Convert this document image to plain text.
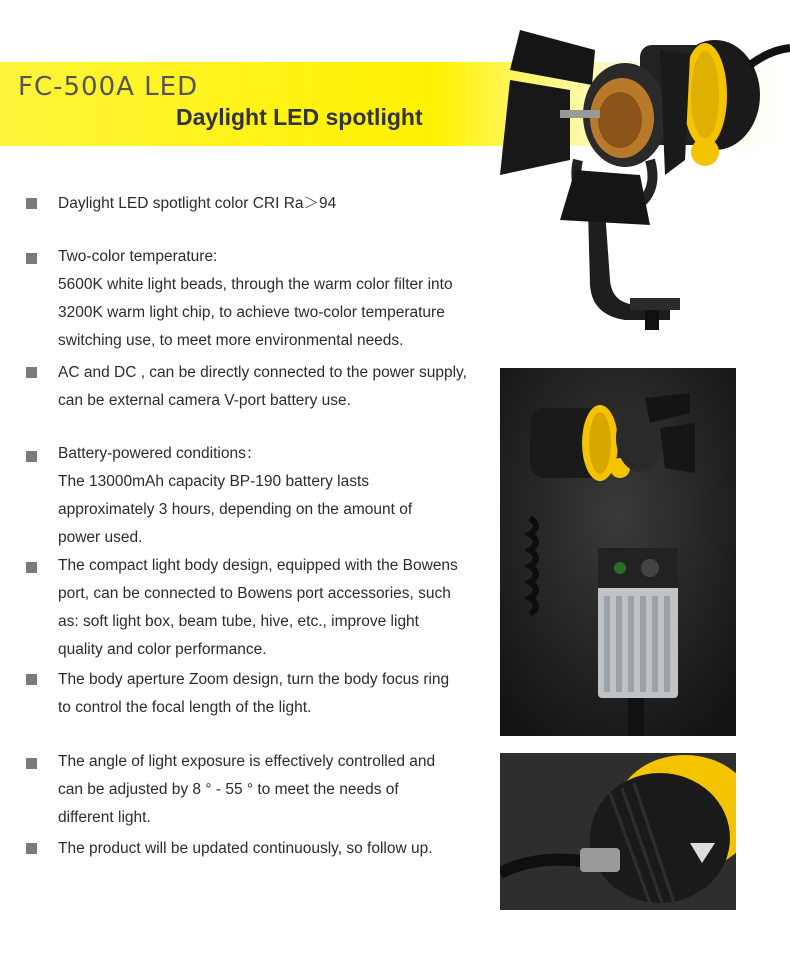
FC-500A LED
Daylight LED spotlight
Daylight LED spotlight color CRI Ra＞94
Two-color temperature:
5600K white light beads, through the warm color filter into
3200K warm light chip, to achieve two-color temperature
switching use, to meet more environmental needs.
AC and DC , can be directly connected to the power supply,
can be external camera V-port battery use.
Battery-powered conditions：
The 13000mAh capacity BP-190 battery lasts
approximately 3 hours, depending on the amount of
power used.
The compact light body design, equipped with the Bowens
port, can be connected to Bowens port accessories, such
as: soft light box, beam tube, hive, etc., improve light
quality and color performance.
The body aperture Zoom design, turn the body focus ring
to control the focal length of the light.
The angle of light exposure is effectively controlled and
can be adjusted by 8 ° - 55 ° to meet the needs of
different light.
The product will be updated continuously, so follow up.
